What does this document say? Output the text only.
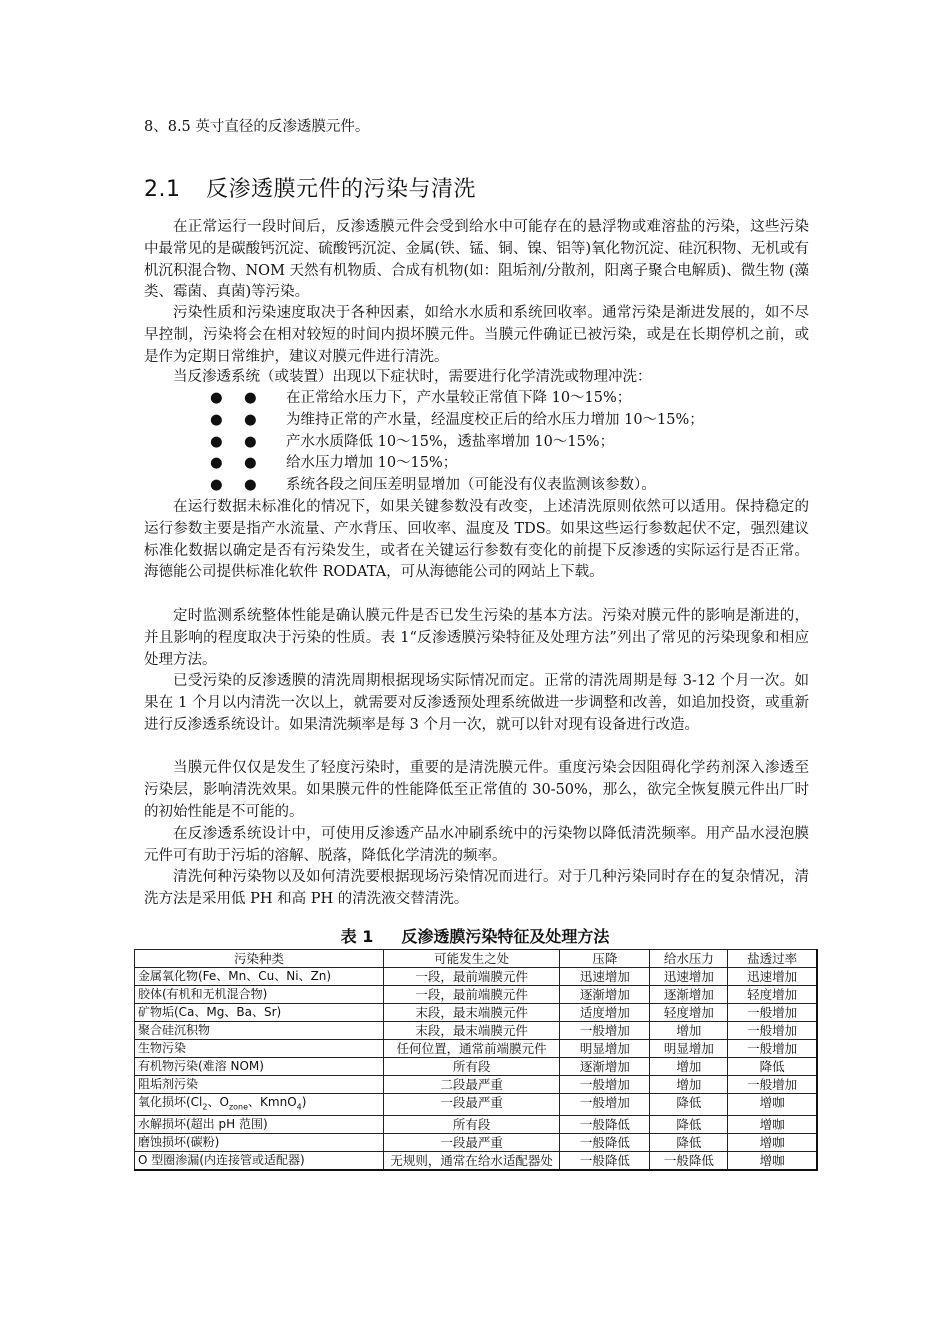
8、8.5 英寸直径的反渗透膜元件。

2.1 反渗透膜元件的污染与清洗

在正常运行一段时间后，反渗透膜元件会受到给水中可能存在的悬浮物或难溶盐的污染，这些污染中最常见的是碳酸钙沉淀、硫酸钙沉淀、金属(铁、锰、铜、镍、铝等)氧化物沉淀、硅沉积物、无机或有机沉积混合物、NOM 天然有机物质、合成有机物(如：阻垢剂/分散剂，阳离子聚合电解质)、微生物 (藻类、霉菌、真菌)等污染。

污染性质和污染速度取决于各种因素，如给水水质和系统回收率。通常污染是渐进发展的，如不尽早控制，污染将会在相对较短的时间内损坏膜元件。当膜元件确证已被污染，或是在长期停机之前，或是作为定期日常维护，建议对膜元件进行清洗。

当反渗透系统（或装置）出现以下症状时，需要进行化学清洗或物理冲洗：

● ● 在正常给水压力下，产水量较正常值下降 10～15%；
● ● 为维持正常的产水量，经温度校正后的给水压力增加 10～15%；
● ● 产水水质降低 10～15%，透盐率增加 10～15%；
● ● 给水压力增加 10～15%；
● ● 系统各段之间压差明显增加（可能没有仪表监测该参数）。

在运行数据未标准化的情况下，如果关键参数没有改变，上述清洗原则依然可以适用。保持稳定的运行参数主要是指产水流量、产水背压、回收率、温度及 TDS。如果这些运行参数起伏不定，强烈建议标准化数据以确定是否有污染发生，或者在关键运行参数有变化的前提下反渗透的实际运行是否正常。海德能公司提供标准化软件 RODATA，可从海德能公司的网站上下载。

定时监测系统整体性能是确认膜元件是否已发生污染的基本方法。污染对膜元件的影响是渐进的，并且影响的程度取决于污染的性质。表 1“反渗透膜污染特征及处理方法”列出了常见的污染现象和相应处理方法。

已受污染的反渗透膜的清洗周期根据现场实际情况而定。正常的清洗周期是每 3-12 个月一次。如果在 1 个月以内清洗一次以上，就需要对反渗透预处理系统做进一步调整和改善，如追加投资，或重新进行反渗透系统设计。如果清洗频率是每 3 个月一次，就可以针对现有设备进行改造。

当膜元件仅仅是发生了轻度污染时，重要的是清洗膜元件。重度污染会因阻碍化学药剂深入渗透至污染层，影响清洗效果。如果膜元件的性能降低至正常值的 30-50%，那么，欲完全恢复膜元件出厂时的初始性能是不可能的。

在反渗透系统设计中，可使用反渗透产品水冲刷系统中的污染物以降低清洗频率。用产品水浸泡膜元件可有助于污垢的溶解、脱落，降低化学清洗的频率。

清洗何种污染物以及如何清洗要根据现场污染情况而进行。对于几种污染同时存在的复杂情况，清洗方法是采用低 PH 和高 PH 的清洗液交替清洗。

表 1 反渗透膜污染特征及处理方法

污染种类	可能发生之处	压降	给水压力	盐透过率
金属氧化物(Fe、Mn、Cu、Ni、Zn)	一段，最前端膜元件	迅速增加	迅速增加	迅速增加
胶体(有机和无机混合物)	一段，最前端膜元件	逐渐增加	逐渐增加	轻度增加
矿物垢(Ca、Mg、Ba、Sr)	末段，最末端膜元件	适度增加	轻度增加	一般增加
聚合硅沉积物	末段，最末端膜元件	一般增加	增加	一般增加
生物污染	任何位置，通常前端膜元件	明显增加	明显增加	一般增加
有机物污染(难溶 NOM)	所有段	逐渐增加	增加	降低
阻垢剂污染	二段最严重	一般增加	增加	一般增加
氧化损坏($Cl_2$、$O_{zone}$、KmnO$_4$)	一段最严重	一般增加	降低	增咖
水解损坏(超出 pH 范围)	所有段	一般降低	降低	增咖
磨蚀损坏(碳粉)	一段最严重	一般降低	降低	增咖
O 型圈渗漏(内连接管或适配器)	无规则，通常在给水适配器处	一般降低	一般降低	增咖
